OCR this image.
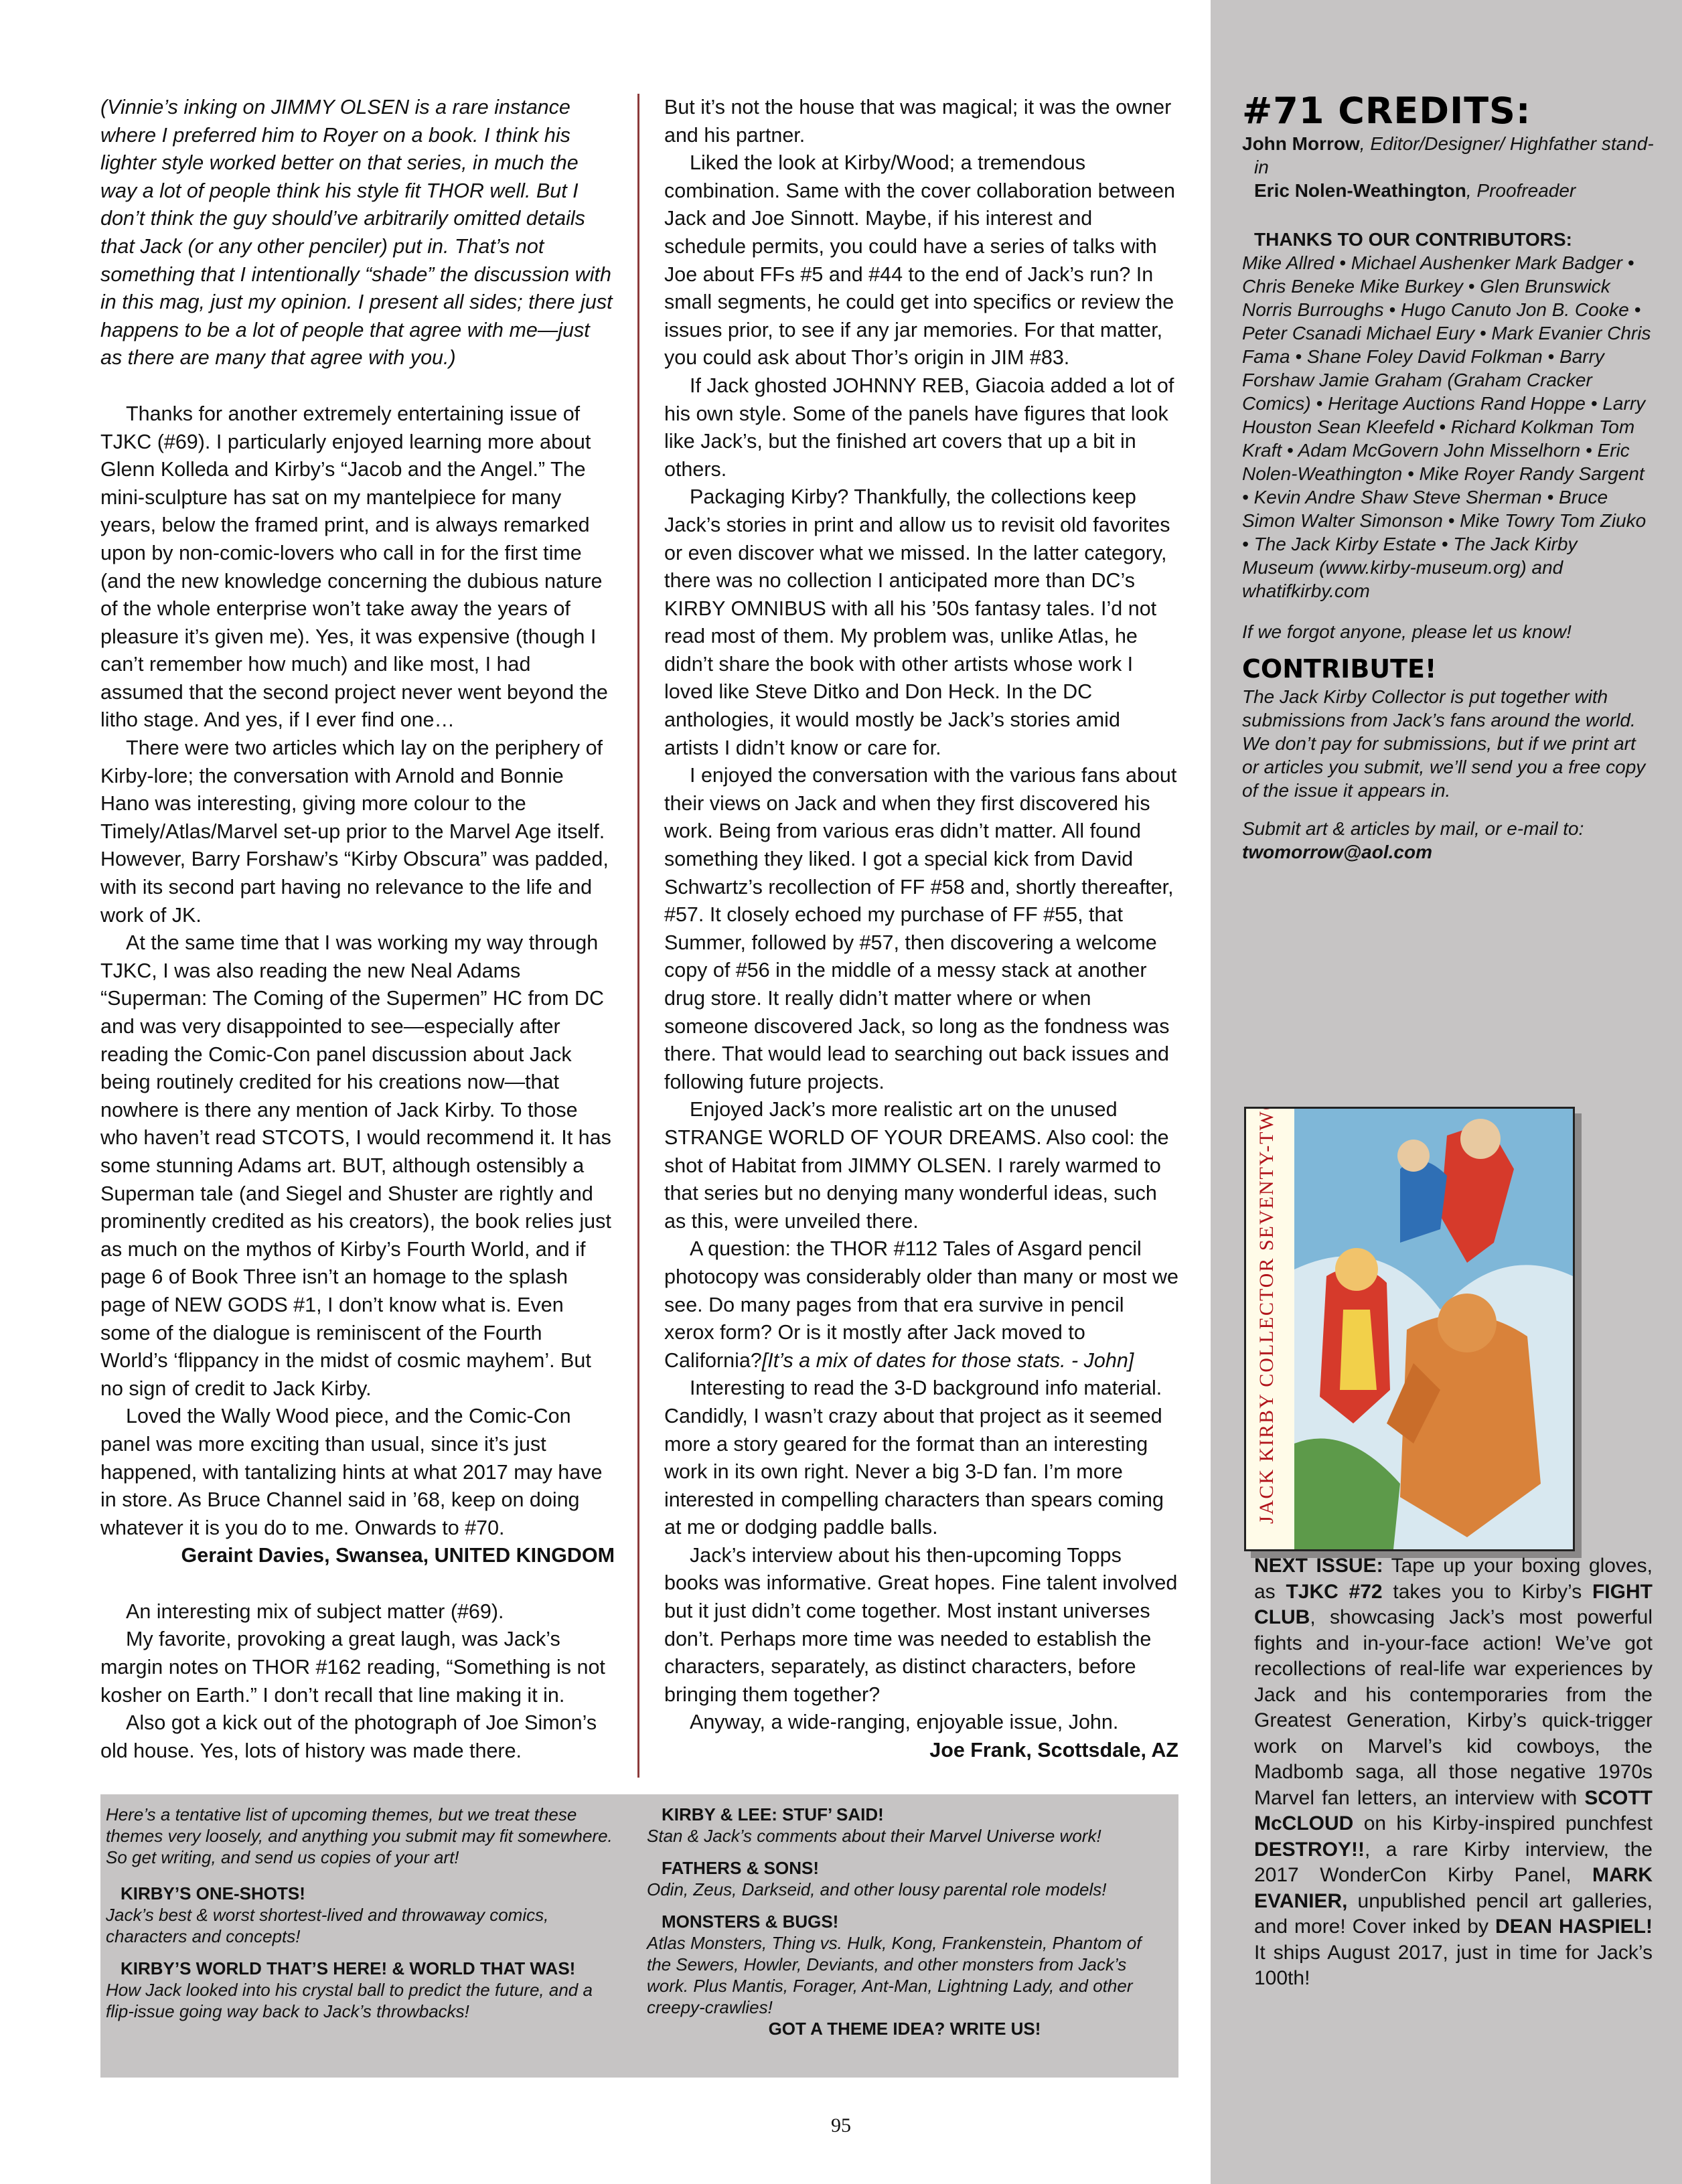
(Vinnie’s inking on JIMMY OLSEN is a rare instance where I preferred him to Royer on a book. I think his lighter style worked better on that series, in much the way a lot of people think his style fit THOR well. But I don’t think the guy should’ve arbitrarily omitted details that Jack (or any other penciler) put in. That’s not something that I intentionally “shade” the discussion with in this mag, just my opinion. I present all sides; there just happens to be a lot of people that agree with me—just as there are many that agree with you.)

Thanks for another extremely entertaining issue of TJKC (#69). I particularly enjoyed learning more about Glenn Kolleda and Kirby’s “Jacob and the Angel.” The mini-sculpture has sat on my mantelpiece for many years, below the framed print, and is always remarked upon by non-comic-lovers who call in for the first time (and the new knowledge concerning the dubious nature of the whole enterprise won’t take away the years of pleasure it’s given me). Yes, it was expensive (though I can’t remember how much) and like most, I had assumed that the second project never went beyond the litho stage. And yes, if I ever find one…

There were two articles which lay on the periphery of Kirby-lore; the conversation with Arnold and Bonnie Hano was interesting, giving more colour to the Timely/Atlas/Marvel set-up prior to the Marvel Age itself. However, Barry Forshaw’s “Kirby Obscura” was padded, with its second part having no relevance to the life and work of JK.

At the same time that I was working my way through TJKC, I was also reading the new Neal Adams “Superman: The Coming of the Supermen” HC from DC and was very disappointed to see—especially after reading the Comic-Con panel discussion about Jack being routinely credited for his creations now—that nowhere is there any mention of Jack Kirby. To those who haven’t read STCOTS, I would recommend it. It has some stunning Adams art. BUT, although ostensibly a Superman tale (and Siegel and Shuster are rightly and prominently credited as his creators), the book relies just as much on the mythos of Kirby’s Fourth World, and if page 6 of Book Three isn’t an homage to the splash page of NEW GODS #1, I don’t know what is. Even some of the dialogue is reminiscent of the Fourth World’s ‘flippancy in the midst of cosmic mayhem’. But no sign of credit to Jack Kirby.

Loved the Wally Wood piece, and the Comic-Con panel was more exciting than usual, since it’s just happened, with tantalizing hints at what 2017 may have in store. As Bruce Channel said in ’68, keep on doing whatever it is you do to me. Onwards to #70.

Geraint Davies, Swansea, UNITED KINGDOM

An interesting mix of subject matter (#69).

My favorite, provoking a great laugh, was Jack’s margin notes on THOR #162 reading, “Something is not kosher on Earth.” I don’t recall that line making it in.

Also got a kick out of the photograph of Joe Simon’s old house. Yes, lots of history was made there.

But it’s not the house that was magical; it was the owner and his partner.

Liked the look at Kirby/Wood; a tremendous combination. Same with the cover collaboration between Jack and Joe Sinnott. Maybe, if his interest and schedule permits, you could have a series of talks with Joe about FFs #5 and #44 to the end of Jack’s run? In small segments, he could get into specifics or review the issues prior, to see if any jar memories. For that matter, you could ask about Thor’s origin in JIM #83.

If Jack ghosted JOHNNY REB, Giacoia added a lot of his own style. Some of the panels have figures that look like Jack’s, but the finished art covers that up a bit in others.

Packaging Kirby? Thankfully, the collections keep Jack’s stories in print and allow us to revisit old favorites or even discover what we missed. In the latter category, there was no collection I anticipated more than DC’s KIRBY OMNIBUS with all his ’50s fantasy tales. I’d not read most of them. My problem was, unlike Atlas, he didn’t share the book with other artists whose work I loved like Steve Ditko and Don Heck. In the DC anthologies, it would mostly be Jack’s stories amid artists I didn’t know or care for.

I enjoyed the conversation with the various fans about their views on Jack and when they first discovered his work. Being from various eras didn’t matter. All found something they liked. I got a special kick from David Schwartz’s recollection of FF #58 and, shortly thereafter, #57. It closely echoed my purchase of FF #55, that Summer, followed by #57, then discovering a welcome copy of #56 in the middle of a messy stack at another drug store. It really didn’t matter where or when someone discovered Jack, so long as the fondness was there. That would lead to searching out back issues and following future projects.

Enjoyed Jack’s more realistic art on the unused STRANGE WORLD OF YOUR DREAMS. Also cool: the shot of Habitat from JIMMY OLSEN. I rarely warmed to that series but no denying many wonderful ideas, such as this, were unveiled there.

A question: the THOR #112 Tales of Asgard pencil photocopy was considerably older than many or most we see. Do many pages from that era survive in pencil xerox form? Or is it mostly after Jack moved to California?[It’s a mix of dates for those stats. - John]

Interesting to read the 3-D background info material. Candidly, I wasn’t crazy about that project as it seemed more a story geared for the format than an interesting work in its own right. Never a big 3-D fan. I’m more interested in compelling characters than spears coming at me or dodging paddle balls.

Jack’s interview about his then-upcoming Topps books was informative. Great hopes. Fine talent involved but it just didn’t come together. Most instant universes don’t. Perhaps more time was needed to establish the characters, separately, as distinct characters, before bringing them together?

Anyway, a wide-ranging, enjoyable issue, John.

Joe Frank, Scottsdale, AZ

#71 CREDITS:
John Morrow, Editor/Designer/ Highfather stand-in
Eric Nolen-Weathington, Proofreader
THANKS TO OUR CONTRIBUTORS:
Mike Allred • Michael Aushenker Mark Badger • Chris Beneke Mike Burkey • Glen Brunswick Norris Burroughs • Hugo Canuto Jon B. Cooke • Peter Csanadi Michael Eury • Mark Evanier Chris Fama • Shane Foley David Folkman • Barry Forshaw Jamie Graham (Graham Cracker Comics) • Heritage Auctions Rand Hoppe • Larry Houston Sean Kleefeld • Richard Kolkman Tom Kraft • Adam McGovern John Misselhorn • Eric Nolen-Weathington • Mike Royer Randy Sargent • Kevin Andre Shaw Steve Sherman • Bruce Simon Walter Simonson • Mike Towry Tom Ziuko • The Jack Kirby Estate • The Jack Kirby Museum (www.kirby-museum.org) and whatifkirby.com
If we forgot anyone, please let us know!
CONTRIBUTE!
The Jack Kirby Collector is put together with submissions from Jack’s fans around the world. We don’t pay for submissions, but if we print art or articles you submit, we’ll send you a free copy of the issue it appears in.
Submit art & articles by mail, or e-mail to: twomorrow@aol.com
JACK KIRBY COLLECTOR SEVENTY-TWO $10
NEXT ISSUE: Tape up your boxing gloves, as TJKC #72 takes you to Kirby’s FIGHT CLUB, showcasing Jack’s most powerful fights and in-your-face action! We’ve got recollections of real-life war experiences by Jack and his contemporaries from the Greatest Generation, Kirby’s quick-trigger work on Marvel’s kid cowboys, the Madbomb saga, all those negative 1970s Marvel fan letters, an interview with SCOTT McCLOUD on his Kirby-inspired punchfest DESTROY!!, a rare Kirby interview, the 2017 WonderCon Kirby Panel, MARK EVANIER, unpublished pencil art galleries, and more! Cover inked by DEAN HASPIEL! It ships August 2017, just in time for Jack’s 100th!
Here’s a tentative list of upcoming themes, but we treat these themes very loosely, and anything you submit may fit somewhere. So get writing, and send us copies of your art!
KIRBY’S ONE-SHOTS!
Jack’s best & worst shortest-lived and throwaway comics, characters and concepts!
KIRBY’S WORLD THAT’S HERE! & WORLD THAT WAS!
How Jack looked into his crystal ball to predict the future, and a flip-issue going way back to Jack’s throwbacks!
KIRBY & LEE: STUF’ SAID!
Stan & Jack’s comments about their Marvel Universe work!
FATHERS & SONS!
Odin, Zeus, Darkseid, and other lousy parental role models!
MONSTERS & BUGS!
Atlas Monsters, Thing vs. Hulk, Kong, Frankenstein, Phantom of the Sewers, Howler, Deviants, and other monsters from Jack’s work. Plus Mantis, Forager, Ant-Man, Lightning Lady, and other creepy-crawlies!
GOT A THEME IDEA? WRITE US!
95
